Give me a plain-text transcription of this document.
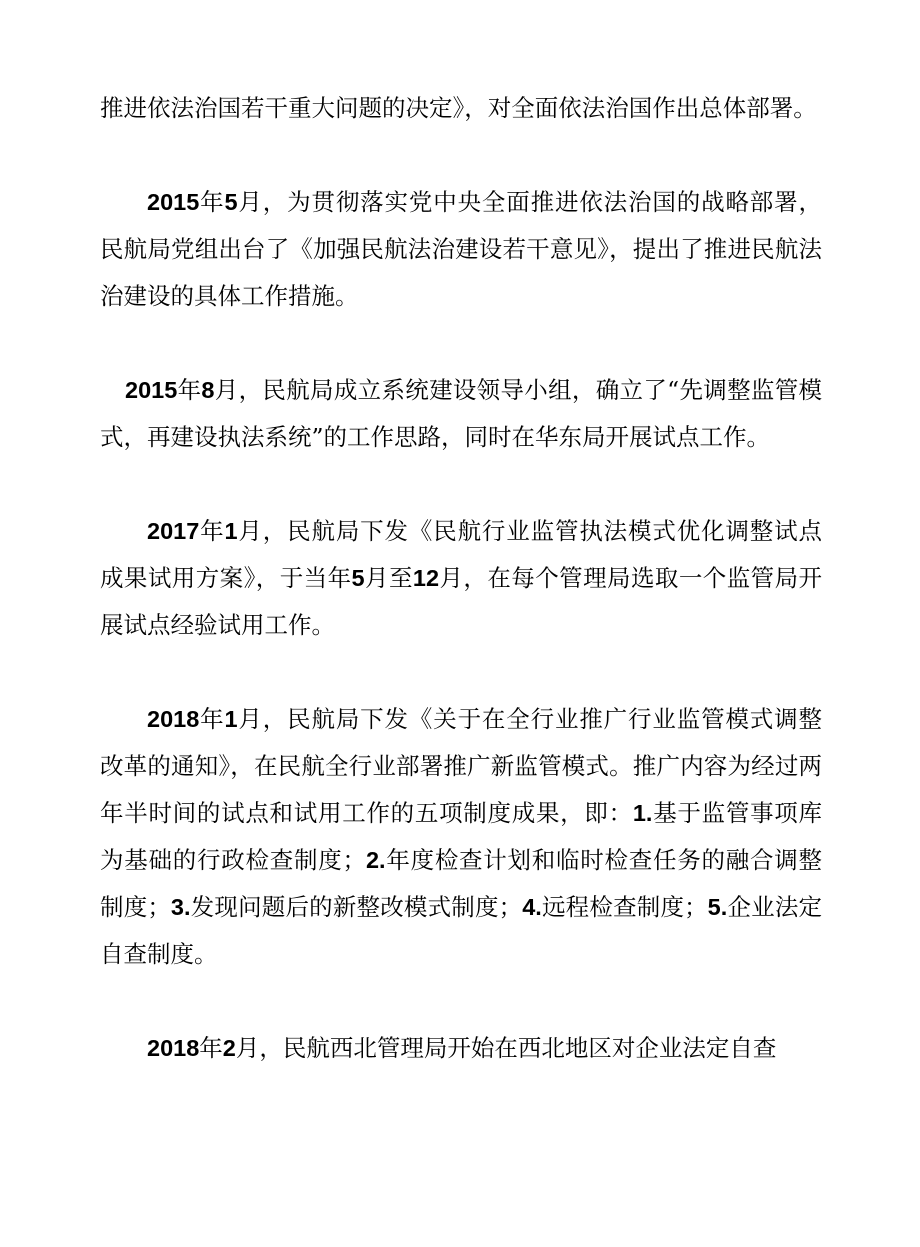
推进依法治国若干重大问题的决定》，对全面依法治国作出总体部署。

2015年5月，为贯彻落实党中央全面推进依法治国的战略部署，民航局党组出台了《加强民航法治建设若干意见》，提出了推进民航法治建设的具体工作措施。

2015年8月，民航局成立系统建设领导小组，确立了“先调整监管模式，再建设执法系统”的工作思路，同时在华东局开展试点工作。

2017年1月，民航局下发《民航行业监管执法模式优化调整试点成果试用方案》，于当年5月至12月，在每个管理局选取一个监管局开展试点经验试用工作。

2018年1月，民航局下发《关于在全行业推广行业监管模式调整改革的通知》，在民航全行业部署推广新监管模式。推广内容为经过两年半时间的试点和试用工作的五项制度成果，即：1.基于监管事项库为基础的行政检查制度；2.年度检查计划和临时检查任务的融合调整制度；3.发现问题后的新整改模式制度；4.远程检查制度；5.企业法定自查制度。

2018年2月，民航西北管理局开始在西北地区对企业法定自查
